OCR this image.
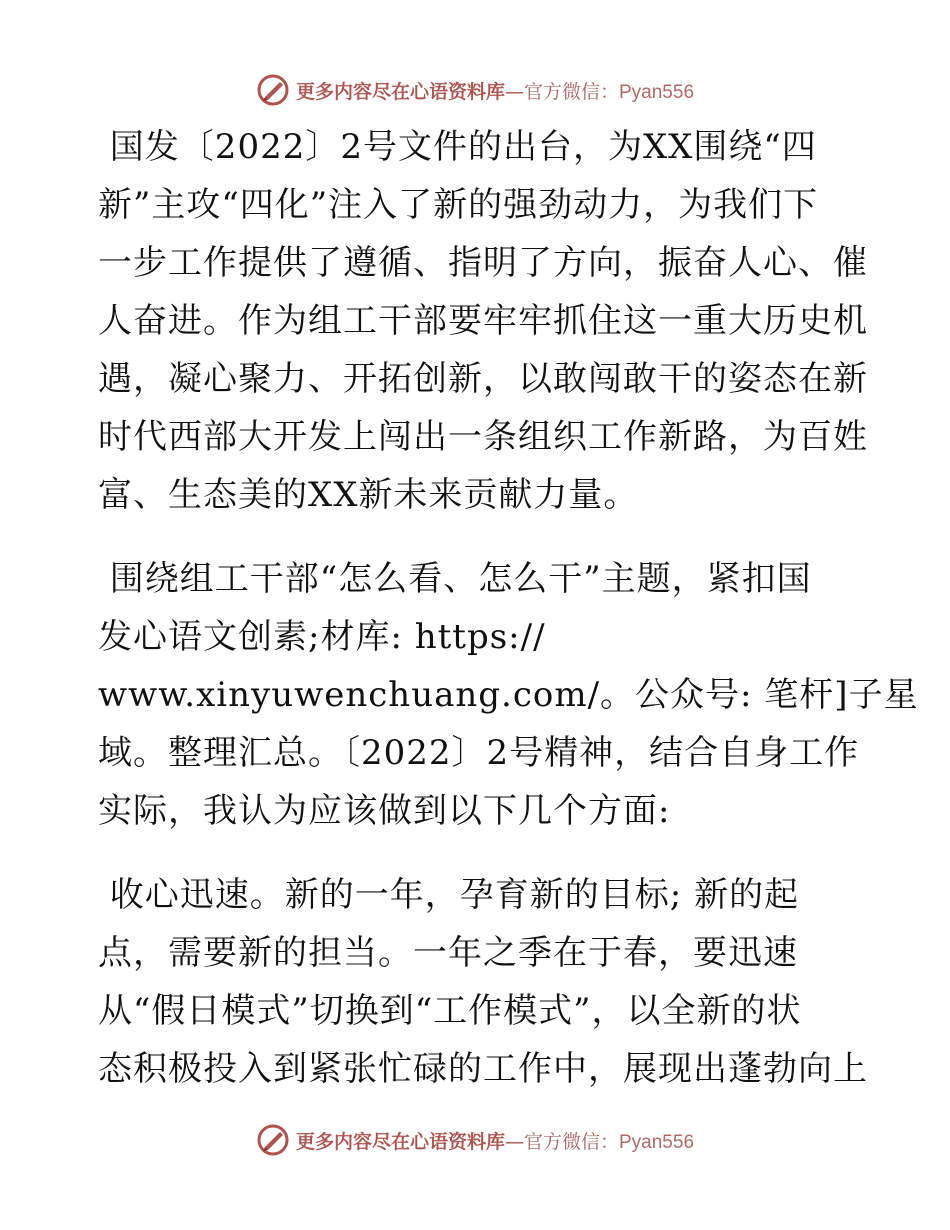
更多内容尽在心语资料库—官方微信：Pyan556

国发〔2022〕2号文件的出台，为XX围绕“四
新”主攻“四化”注入了新的强劲动力，为我们下
一步工作提供了遵循、指明了方向，振奋人心、催
人奋进。作为组工干部要牢牢抓住这一重大历史机
遇，凝心聚力、开拓创新，以敢闯敢干的姿态在新
时代西部大开发上闯出一条组织工作新路，为百姓
富、生态美的XX新未来贡献力量。

围绕组工干部“怎么看、怎么干”主题，紧扣国
发心语文创素;材库: https://
www.xinyuwenchuang.com/。公众号: 笔杆]子星
域。整理汇总。〔2022〕2号精神，结合自身工作
实际，我认为应该做到以下几个方面:

收心迅速。新的一年，孕育新的目标; 新的起
点，需要新的担当。一年之季在于春，要迅速
从“假日模式”切换到“工作模式”，以全新的状
态积极投入到紧张忙碌的工作中，展现出蓬勃向上

更多内容尽在心语资料库—官方微信：Pyan556
